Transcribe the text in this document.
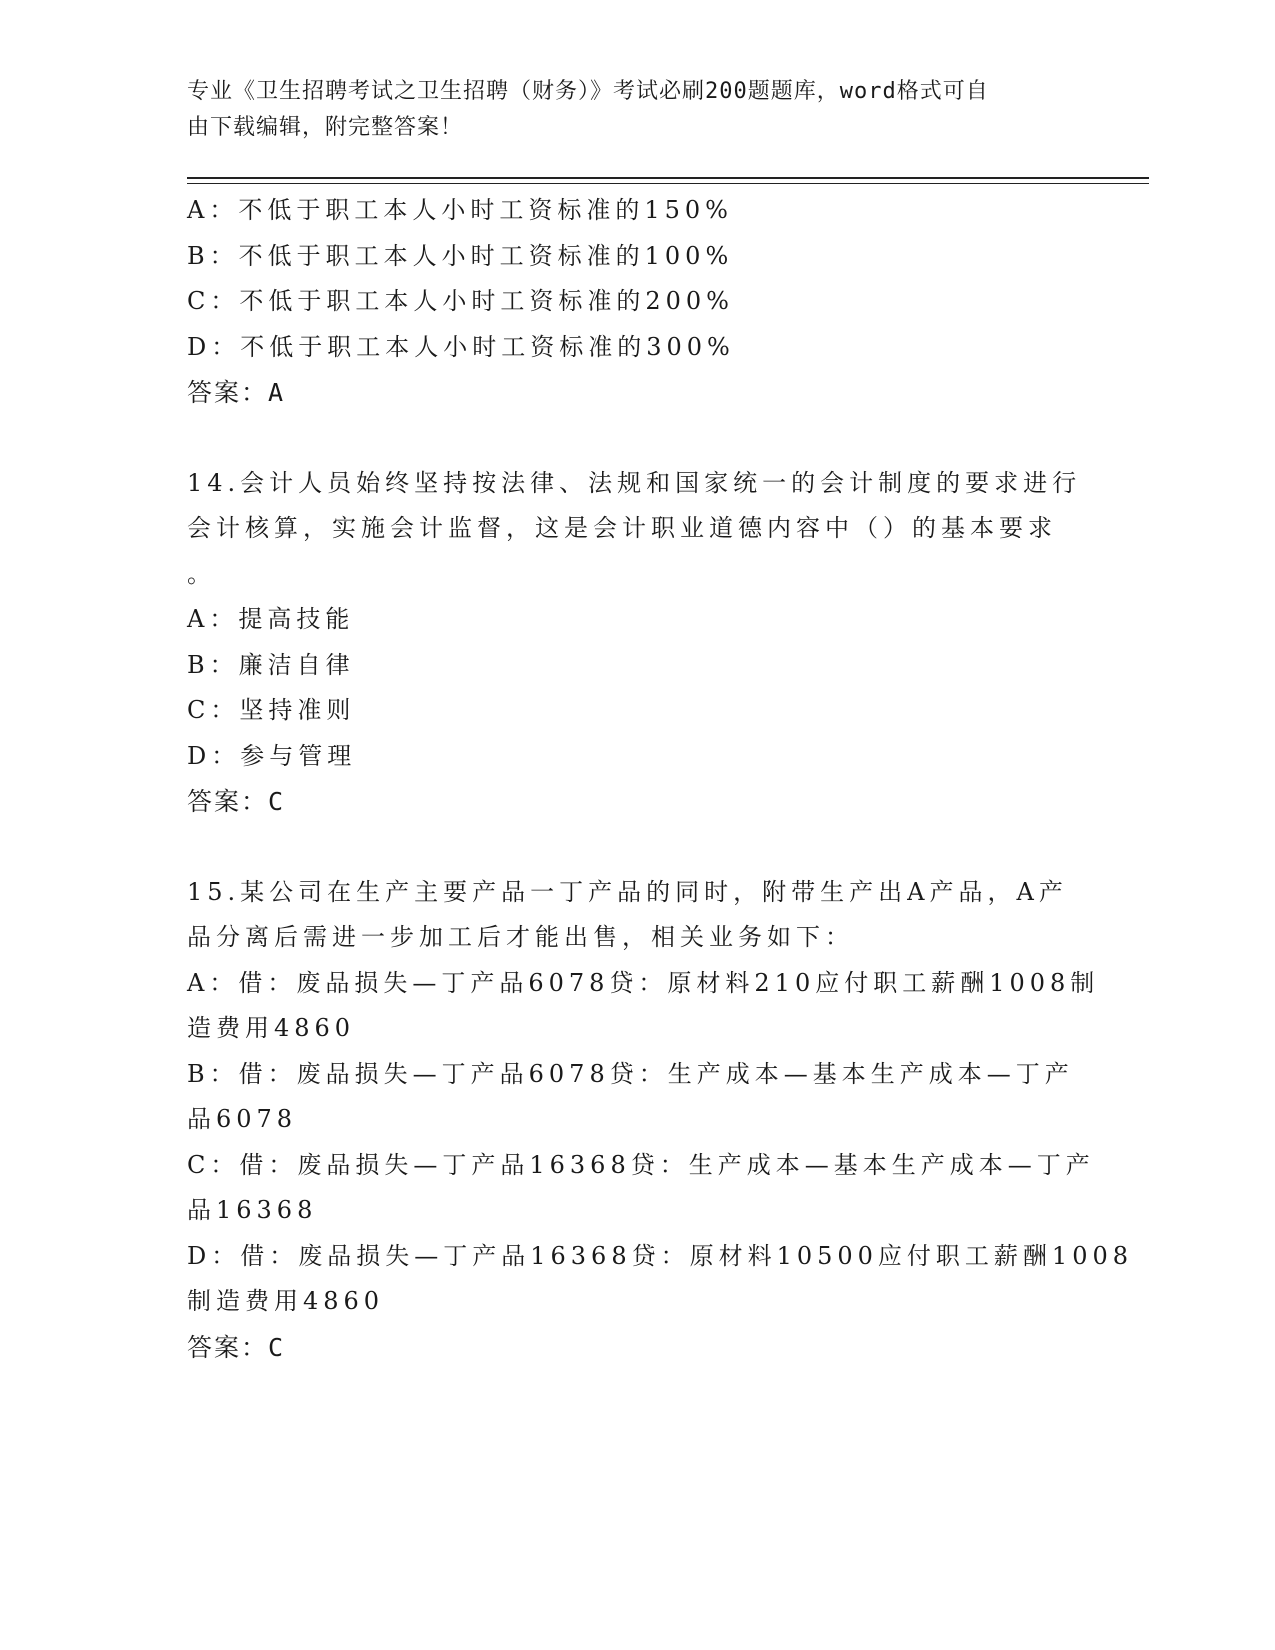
专业《卫生招聘考试之卫生招聘（财务）》考试必刷200题题库，word格式可自
由下载编辑，附完整答案！
A：不低于职工本人小时工资标准的150%
B：不低于职工本人小时工资标准的100%
C：不低于职工本人小时工资标准的200%
D：不低于职工本人小时工资标准的300%
答案：A
14.会计人员始终坚持按法律、法规和国家统一的会计制度的要求进行
会计核算，实施会计监督，这是会计职业道德内容中（）的基本要求
。
A：提高技能
B：廉洁自律
C：坚持准则
D：参与管理
答案：C
15.某公司在生产主要产品一丁产品的同时，附带生产出A产品，A产
品分离后需进一步加工后才能出售，相关业务如下：
A：借：废品损失—丁产品6078贷：原材料210应付职工薪酬1008制
造费用4860
B：借：废品损失—丁产品6078贷：生产成本—基本生产成本—丁产
品6078
C：借：废品损失—丁产品16368贷：生产成本—基本生产成本—丁产
品16368
D：借：废品损失—丁产品16368贷：原材料10500应付职工薪酬1008
制造费用4860
答案：C
